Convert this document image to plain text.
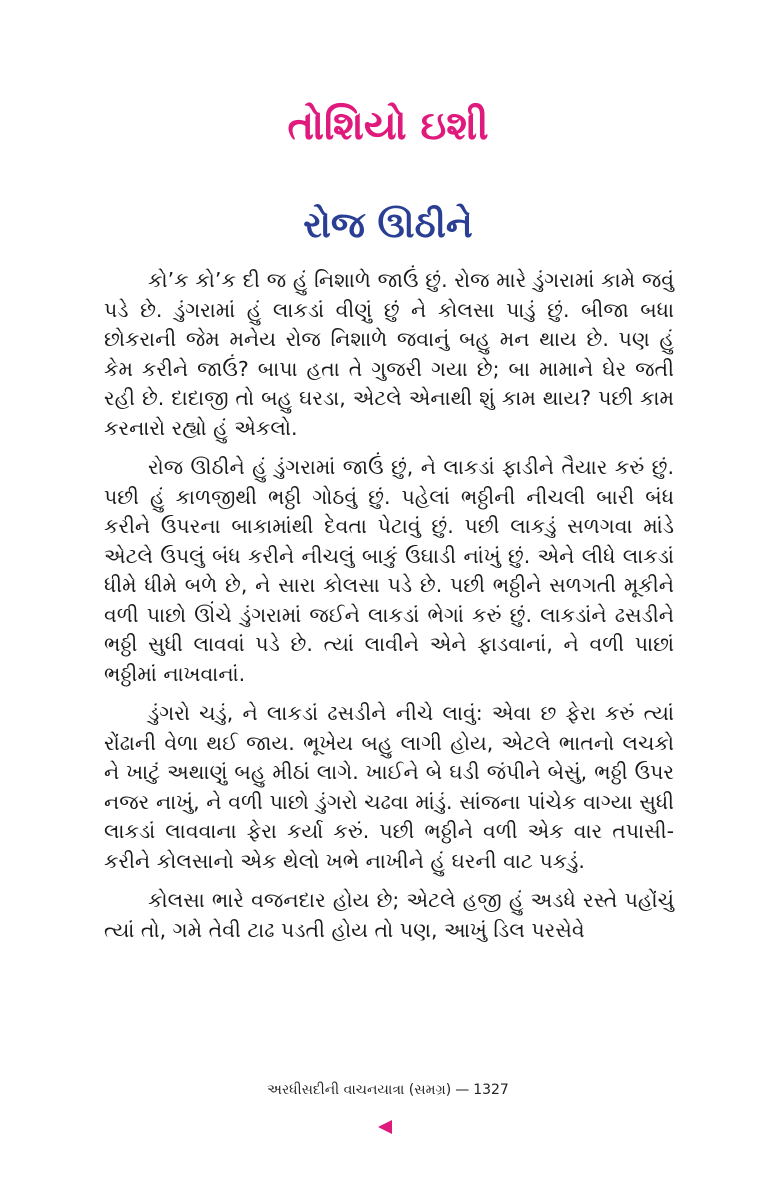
તોશિયો ઇશી
રોજ ઊઠીને

કો’ક કો’ક દી જ હું નિશાળે જાઉં છું. રોજ મારે ડુંગરામાં કામે જવું પડે છે. ડુંગરામાં હું લાકડાં વીણું છું ને કોલસા પાડું છું. બીજા બધા છોકરાની જેમ મનેય રોજ નિશાળે જવાનું બહુ મન થાય છે. પણ હું કેમ કરીને જાઉં? બાપા હતા તે ગુજરી ગયા છે; બા મામાને ઘેર જતી રહી છે. દાદાજી તો બહુ ઘરડા, એટલે એનાથી શું કામ થાય? પછી કામ કરનારો રહ્યો હું એકલો.

રોજ ઊઠીને હું ડુંગરામાં જાઉં છું, ને લાકડાં ફાડીને તૈયાર કરું છું. પછી હું કાળજીથી ભઠ્ઠી ગોઠવું છું. પહેલાં ભઠ્ઠીની નીચલી બારી બંધ કરીને ઉપરના બાકામાંથી દેવતા પેટાવું છું. પછી લાકડું સળગવા માંડે એટલે ઉપલું બંધ કરીને નીચલું બાકું ઉઘાડી નાંખું છું. એને લીધે લાકડાં ધીમે ધીમે બળે છે, ને સારા કોલસા પડે છે. પછી ભઠ્ઠીને સળગતી મૂકીને વળી પાછો ઊંચે ડુંગરામાં જઈને લાકડાં ભેગાં કરું છું. લાકડાંને ઢસડીને ભઠ્ઠી સુધી લાવવાં પડે છે. ત્યાં લાવીને એને ફાડવાનાં, ને વળી પાછાં ભઠ્ઠીમાં નાખવાનાં.

ડુંગરો ચડું, ને લાકડાં ઢસડીને નીચે લાવું: એવા છ ફેરા કરું ત્યાં રોંઢાની વેળા થઈ જાય. ભૂખેય બહુ લાગી હોય, એટલે ભાતનો લચકો ને ખાટું અથાણું બહુ મીઠાં લાગે. ખાઈને બે ઘડી જંપીને બેસું, ભઠ્ઠી ઉપર નજર નાખું, ને વળી પાછો ડુંગરો ચઢવા માંડું. સાંજના પાંચેક વાગ્યા સુધી લાકડાં લાવવાના ફેરા કર્યા કરું. પછી ભઠ્ઠીને વળી એક વાર તપાસી-કરીને કોલસાનો એક થેલો ખભે નાખીને હું ઘરની વાટ પકડું.

કોલસા ભારે વજનદાર હોય છે; એટલે હજી હું અડધે રસ્તે પહોંચું ત્યાં તો, ગમે તેવી ટાઢ પડતી હોય તો પણ, આખું ડિલ પરસેવે

અરધીસદીની વાચનયાત્રા (સમગ્ર) — 1327
